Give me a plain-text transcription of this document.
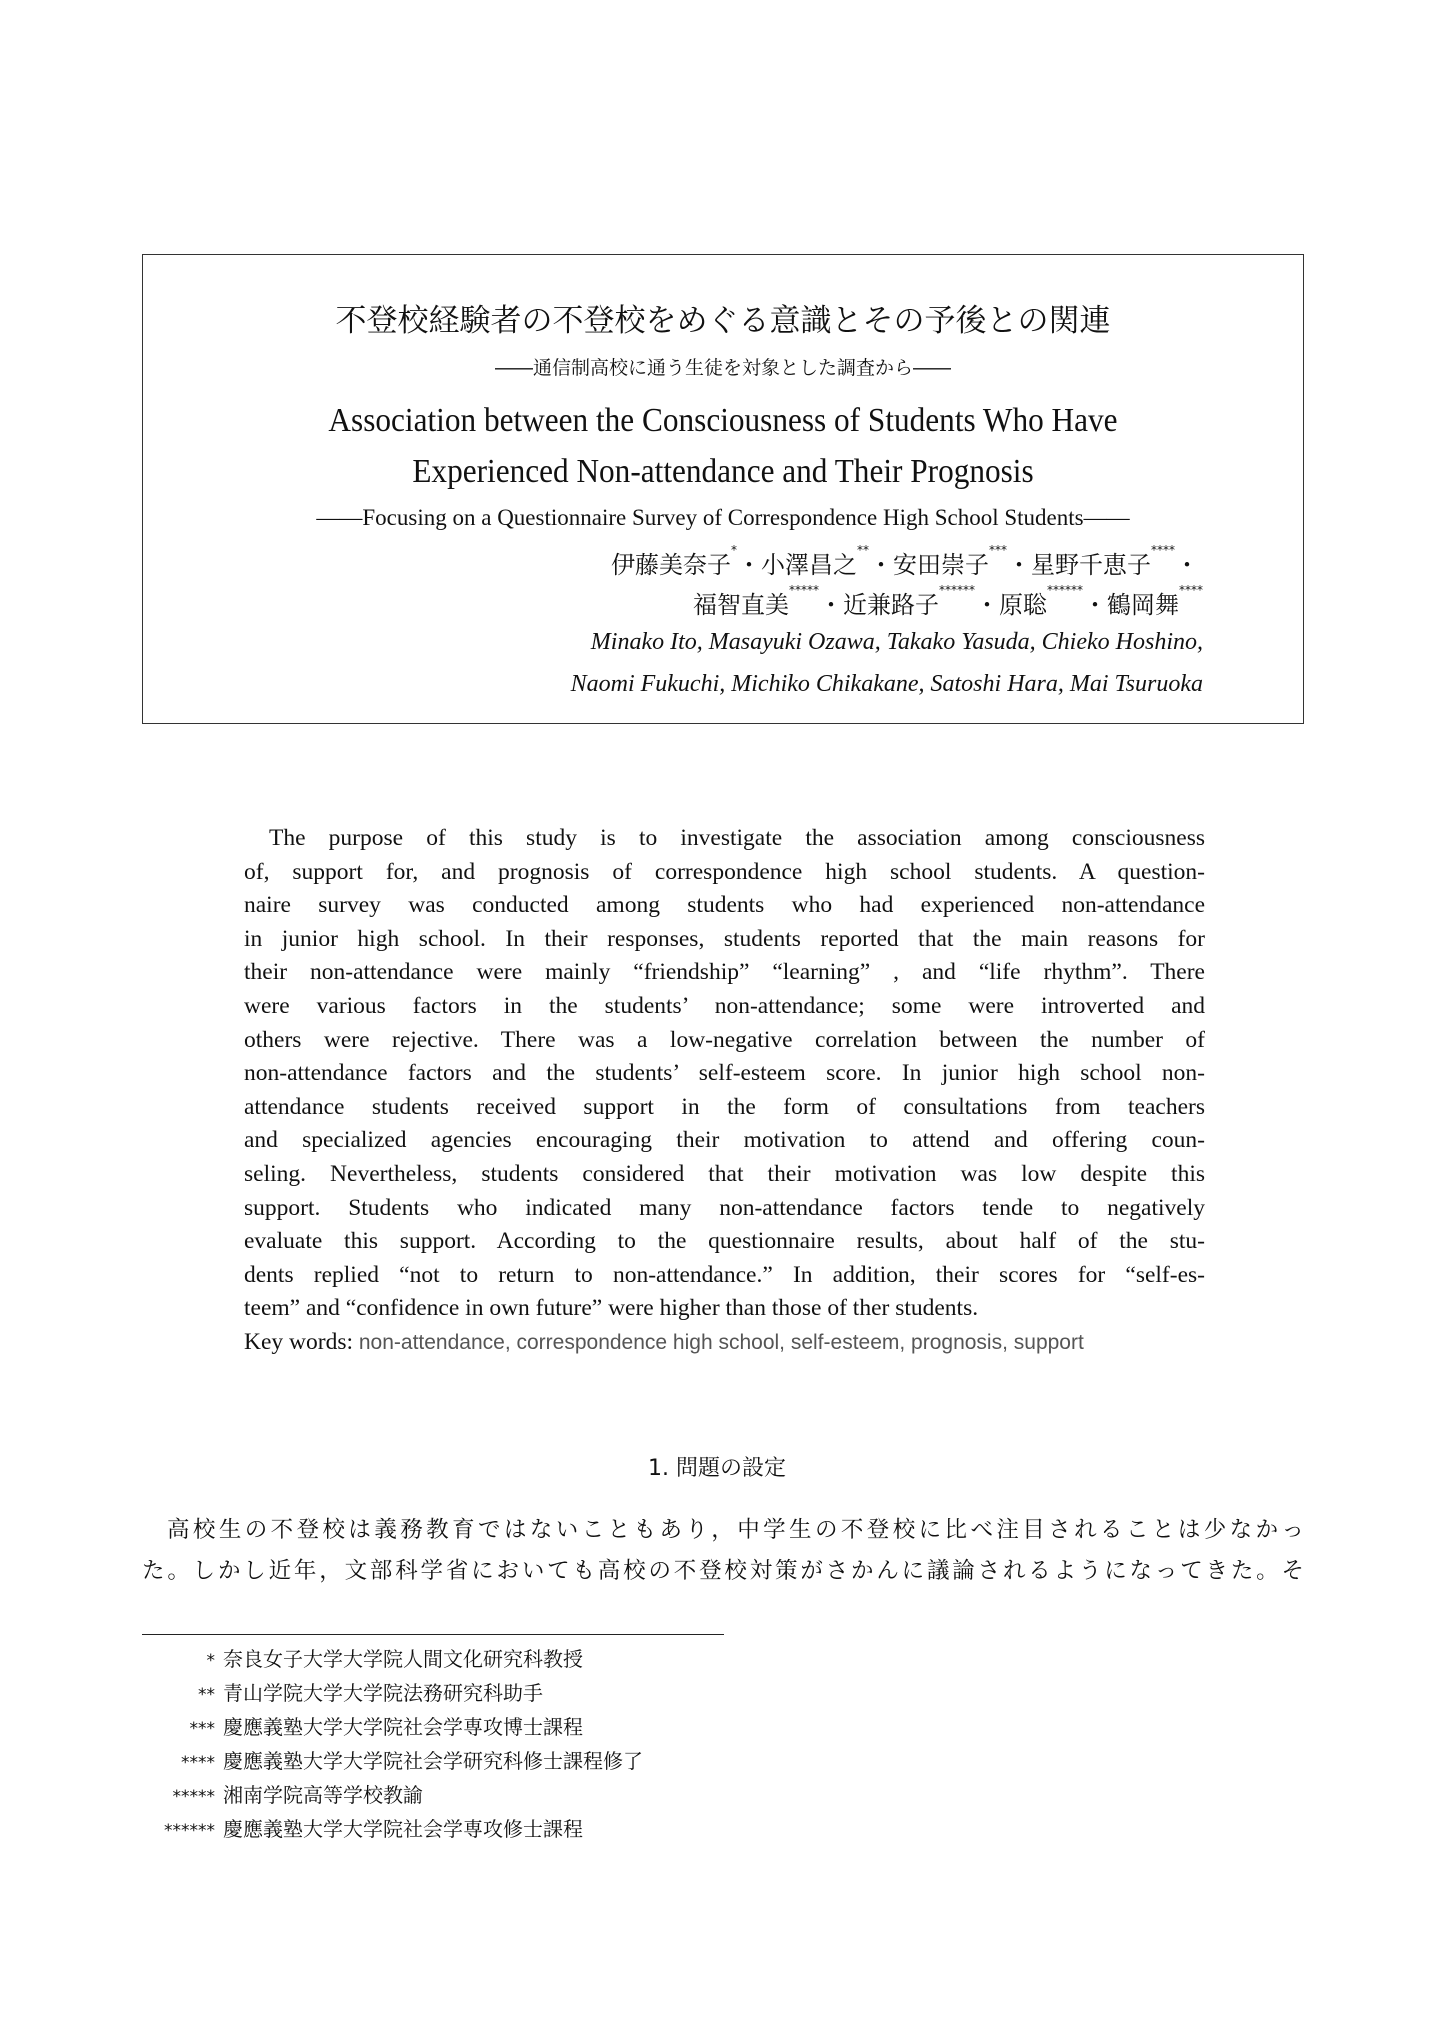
不登校経験者の不登校をめぐる意識とその予後との関連
――通信制高校に通う生徒を対象とした調査から――
Association between the Consciousness of Students Who Have
Experienced Non-attendance and Their Prognosis
――Focusing on a Questionnaire Survey of Correspondence High School Students――
伊藤美奈子*・小澤昌之**・安田崇子***・星野千恵子****・
福智直美*****・近兼路子******・原聡******・鶴岡舞****
Minako Ito, Masayuki Ozawa, Takako Yasuda, Chieko Hoshino,
Naomi Fukuchi, Michiko Chikakane, Satoshi Hara, Mai Tsuruoka
The purpose of this study is to investigate the association among consciousness
of, support for, and prognosis of correspondence high school students. A question-
naire survey was conducted among students who had experienced non-attendance
in junior high school. In their responses, students reported that the main reasons for
their non-attendance were mainly “friendship” “learning” , and “life rhythm”. There
were various factors in the students’ non-attendance; some were introverted and
others were rejective. There was a low-negative correlation between the number of
non-attendance factors and the students’ self-esteem score. In junior high school non-
attendance students received support in the form of consultations from teachers
and specialized agencies encouraging their motivation to attend and offering coun-
seling. Nevertheless, students considered that their motivation was low despite this
support. Students who indicated many non-attendance factors tende to negatively
evaluate this support. According to the questionnaire results, about half of the stu-
dents replied “not to return to non-attendance.” In addition, their scores for “self-es-
teem” and “confidence in own future” were higher than those of ther students.
Key words: non-attendance, correspondence high school, self-esteem, prognosis, support
1. 問題の設定
高校生の不登校は義務教育ではないこともあり，中学生の不登校に比べ注目されることは少なかっ
た。しかし近年，文部科学省においても高校の不登校対策がさかんに議論されるようになってきた。そ
* 奈良女子大学大学院人間文化研究科教授
** 青山学院大学大学院法務研究科助手
*** 慶應義塾大学大学院社会学専攻博士課程
**** 慶應義塾大学大学院社会学研究科修士課程修了
***** 湘南学院高等学校教諭
****** 慶應義塾大学大学院社会学専攻修士課程
